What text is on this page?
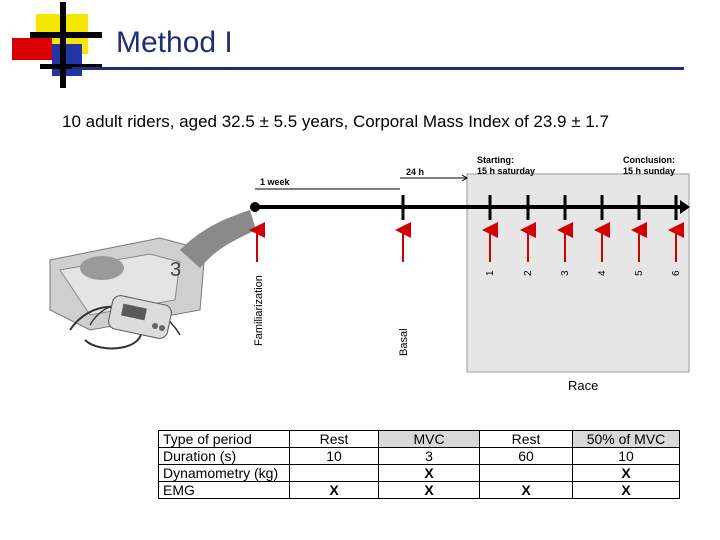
Method I
10 adult riders, aged 32.5 ± 5.5 years, Corporal Mass Index of 23.9 ± 1.7
3
1 week
24 h
Starting:
15 h saturday
Conclusion:
15 h sunday
Familiarization	Basal
1	2	3	4	5	6
Race
Type of period	Rest	MVC	Rest	50% of MVC
Duration (s)	10	3	60	10
Dynamometry (kg)		X		X
EMG	X	X	X	X
